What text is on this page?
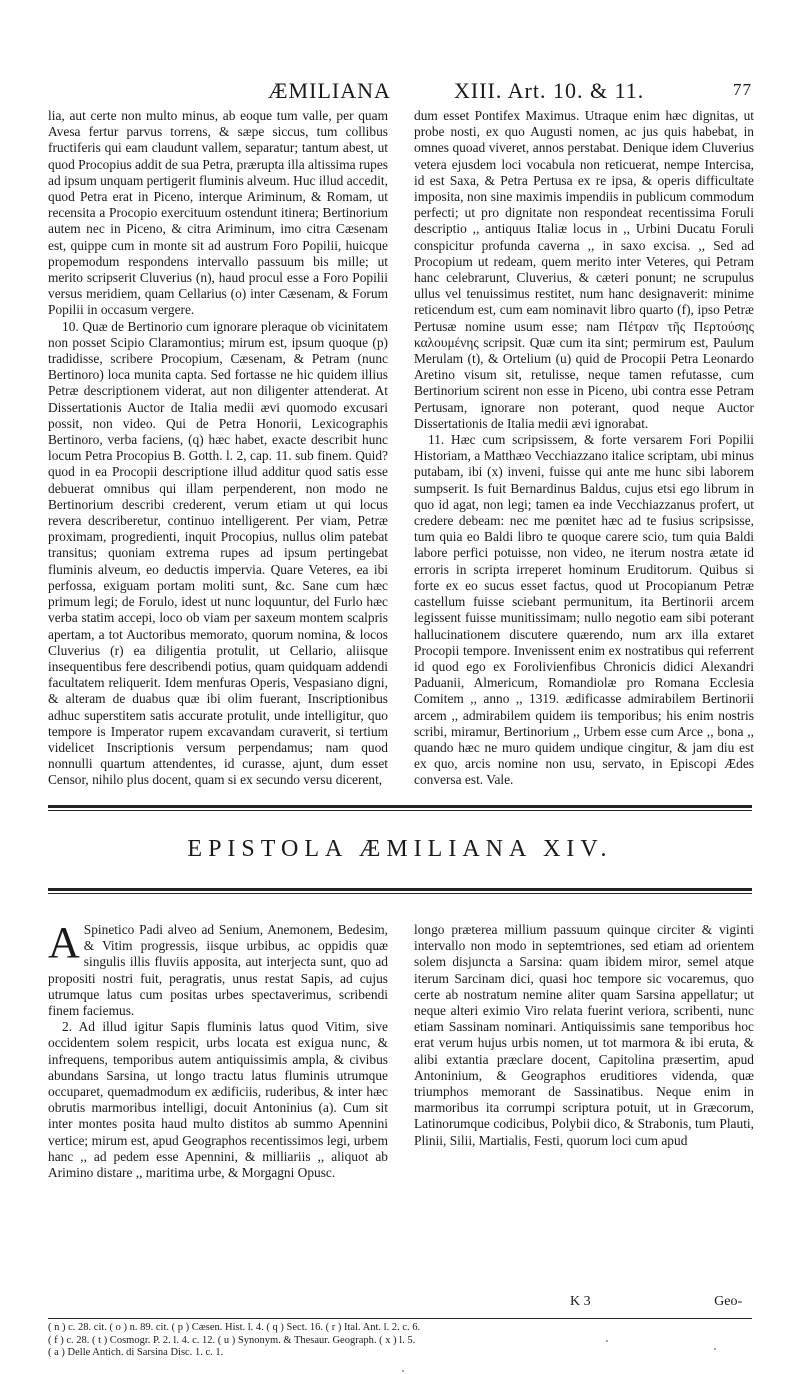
ÆMILIANA	XIII. Art. 10. & 11.	77

lia, aut certe non multo minus, ab eoque tum valle, per quam Avesa fertur parvus torrens, & sæpe siccus, tum collibus fructiferis qui eam claudunt vallem, separatur; tantum abest, ut quod Procopius addit de sua Petra, prærupta illa altissima rupes ad ipsum unquam pertigerit fluminis alveum. Huc illud accedit, quod Petra erat in Piceno, interque Ariminum, & Romam, ut recensita a Procopio exercituum ostendunt itinera; Bertinorium autem nec in Piceno, & citra Ariminum, imo citra Cæsenam est, quippe cum in monte sit ad austrum Foro Popilii, huicque propemodum respondens intervallo passuum bis mille; ut merito scripserit Cluverius (n), haud procul esse a Foro Popilii versus meridiem, quam Cellarius (o) inter Cæsenam, & Forum Popilii in occasum vergere.

10. Quæ de Bertinorio cum ignorare pleraque ob vicinitatem non posset Scipio Claramontius; mirum est, ipsum quoque (p) tradidisse, scribere Procopium, Cæsenam, & Petram (nunc Bertinoro) loca munita capta. Sed fortasse ne hic quidem illius Petræ descriptionem viderat, aut non diligenter attenderat. At Dissertationis Auctor de Italia medii ævi quomodo excusari possit, non video. Qui de Petra Honorii, Lexicographis Bertinoro, verba faciens, (q) hæc habet, exacte describit hunc locum Petra Procopius B. Gotth. l. 2, cap. 11. sub finem. Quid? quod in ea Procopii descriptione illud additur quod satis esse debuerat omnibus qui illam perpenderent, non modo ne Bertinorium describi crederent, verum etiam ut qui locus revera describeretur, continuo intelligerent. Per viam, Petræ proximam, progredienti, inquit Procopius, nullus olim patebat transitus; quoniam extrema rupes ad ipsum pertingebat fluminis alveum, eo deductis impervia. Quare Veteres, ea ibi perfossa, exiguam portam moliti sunt, &c. Sane cum hæc primum legi; de Forulo, idest ut nunc loquuntur, del Furlo hæc verba statim accepi, loco ob viam per saxeum montem scalpris apertam, a tot Auctoribus memorato, quorum nomina, & locos Cluverius (r) ea diligentia protulit, ut Cellario, aliisque insequentibus fere describendi potius, quam quidquam addendi facultatem reliquerit. Idem menfuras Operis, Vespasiano digni, & alteram de duabus quæ ibi olim fuerant, Inscriptionibus adhuc superstitem satis accurate protulit, unde intelligitur, quo tempore is Imperator rupem excavandam curaverit, si tertium videlicet Inscriptionis versum perpendamus; nam quod nonnulli quartum attendentes, id curasse, ajunt, dum esset Censor, nihilo plus docent, quam si ex secundo versu dicerent,

dum esset Pontifex Maximus. Utraque enim hæc dignitas, ut probe nosti, ex quo Augusti nomen, ac jus quis habebat, in omnes quoad viveret, annos perstabat. Denique idem Cluverius vetera ejusdem loci vocabula non reticuerat, nempe Intercisa, id est Saxa, & Petra Pertusa ex re ipsa, & operis difficultate imposita, non sine maximis impendiis in publicum commodum perfecti; ut pro dignitate non respondeat recentissima Foruli descriptio ,, antiquus Italiæ locus in ,, Urbini Ducatu Foruli conspicitur profunda caverna ,, in saxo excisa. ,, Sed ad Procopium ut redeam, quem merito inter Veteres, qui Petram hanc celebrarunt, Cluverius, & cæteri ponunt; ne scrupulus ullus vel tenuissimus restitet, num hanc designaverit: minime reticendum est, cum eam nominavit libro quarto (f), ipso Petræ Pertusæ nomine usum esse; nam Πέτραν τῆς Περτούσης καλουμένης scripsit. Quæ cum ita sint; permirum est, Paulum Merulam (t), & Ortelium (u) quid de Procopii Petra Leonardo Aretino visum sit, retulisse, neque tamen refutasse, cum Bertinorium scirent non esse in Piceno, ubi contra esse Petram Pertusam, ignorare non poterant, quod neque Auctor Dissertationis de Italia medii ævi ignorabat.

11. Hæc cum scripsissem, & forte versarem Fori Popilii Historiam, a Matthæo Vecchiazzano italice scriptam, ubi minus putabam, ibi (x) inveni, fuisse qui ante me hunc sibi laborem sumpserit. Is fuit Bernardinus Baldus, cujus etsi ego librum in quo id agat, non legi; tamen ea inde Vecchiazzanus profert, ut credere debeam: nec me pœnitet hæc ad te fusius scripsisse, tum quia eo Baldi libro te quoque carere scio, tum quia Baldi labore perfici potuisse, non video, ne iterum nostra ætate id erroris in scripta irreperet hominum Eruditorum. Quibus si forte ex eo sucus esset factus, quod ut Procopianum Petræ castellum fuisse sciebant permunitum, ita Bertinorii arcem legissent fuisse munitissimam; nullo negotio eam sibi poterant hallucinationem discutere quærendo, num arx illa extaret Procopii tempore. Invenissent enim ex nostratibus qui referrent id quod ego ex Forolivienfibus Chronicis didici Alexandri Paduanii, Almericum, Romandiolæ pro Romana Ecclesia Comitem ,, anno ,, 1319. ædificasse admirabilem Bertinorii arcem ,, admirabilem quidem iis temporibus; his enim nostris scribi, miramur, Bertinorium ,, Urbem esse cum Arce ,, bona ,, quando hæc ne muro quidem undique cingitur, & jam diu est ex quo, arcis nomine non usu, servato, in Episcopi Ædes conversa est. Vale.

EPISTOLA ÆMILIANA XIV.

A Spinetico Padi alveo ad Senium, Anemonem, Bedesim, & Vitim progressis, iisque urbibus, ac oppidis quæ singulis illis fluviis apposita, aut interjecta sunt, quo ad propositi nostri fuit, peragratis, unus restat Sapis, ad cujus utrumque latus cum positas urbes spectaverimus, scribendi finem faciemus.

2. Ad illud igitur Sapis fluminis latus quod Vitim, sive occidentem solem respicit, urbs locata est exigua nunc, & infrequens, temporibus autem antiquissimis ampla, & civibus abundans Sarsina, ut longo tractu latus fluminis utrumque occuparet, quemadmodum ex ædificiis, ruderibus, & inter hæc obrutis marmoribus intelligi, docuit Antoninius (a). Cum sit inter montes posita haud multo distitos ab summo Apennini vertice; mirum est, apud Geographos recentissimos legi, urbem hanc ,, ad pedem esse Apennini, & milliariis ,, aliquot ab Arimino distare ,, maritima urbe, & Morgagni Opusc.

longo præterea millium passuum quinque circiter & viginti intervallo non modo in septemtriones, sed etiam ad orientem solem disjuncta a Sarsina: quam ibidem miror, semel atque iterum Sarcinam dici, quasi hoc tempore sic vocaremus, quo certe ab nostratum nemine aliter quam Sarsina appellatur; ut neque alteri eximio Viro relata fuerint veriora, scribenti, nunc etiam Sassinam nominari. Antiquissimis sane temporibus hoc erat verum hujus urbis nomen, ut tot marmora & ibi eruta, & alibi extantia præclare docent, Capitolina præsertim, apud Antoninium, & Geographos eruditiores videnda, quæ triumphos memorant de Sassinatibus. Neque enim in marmoribus ita corrumpi scriptura potuit, ut in Græcorum, Latinorumque codicibus, Polybii dico, & Strabonis, tum Plauti, Plinii, Silii, Martialis, Festi, quorum loci cum apud

K 3	Geo-
( n ) c. 28. cit. ( o ) n. 89. cit. ( p ) Cæsen. Hist. l. 4. ( q ) Sect. 16. ( r ) Ital. Ant. l. 2. c. 6.
( f ) c. 28. ( t ) Cosmogr. P. 2. l. 4. c. 12. ( u ) Synonym. & Thesaur. Geograph. ( x ) l. 5.
( a ) Delle Antich. di Sarsina Disc. 1. c. 1.
